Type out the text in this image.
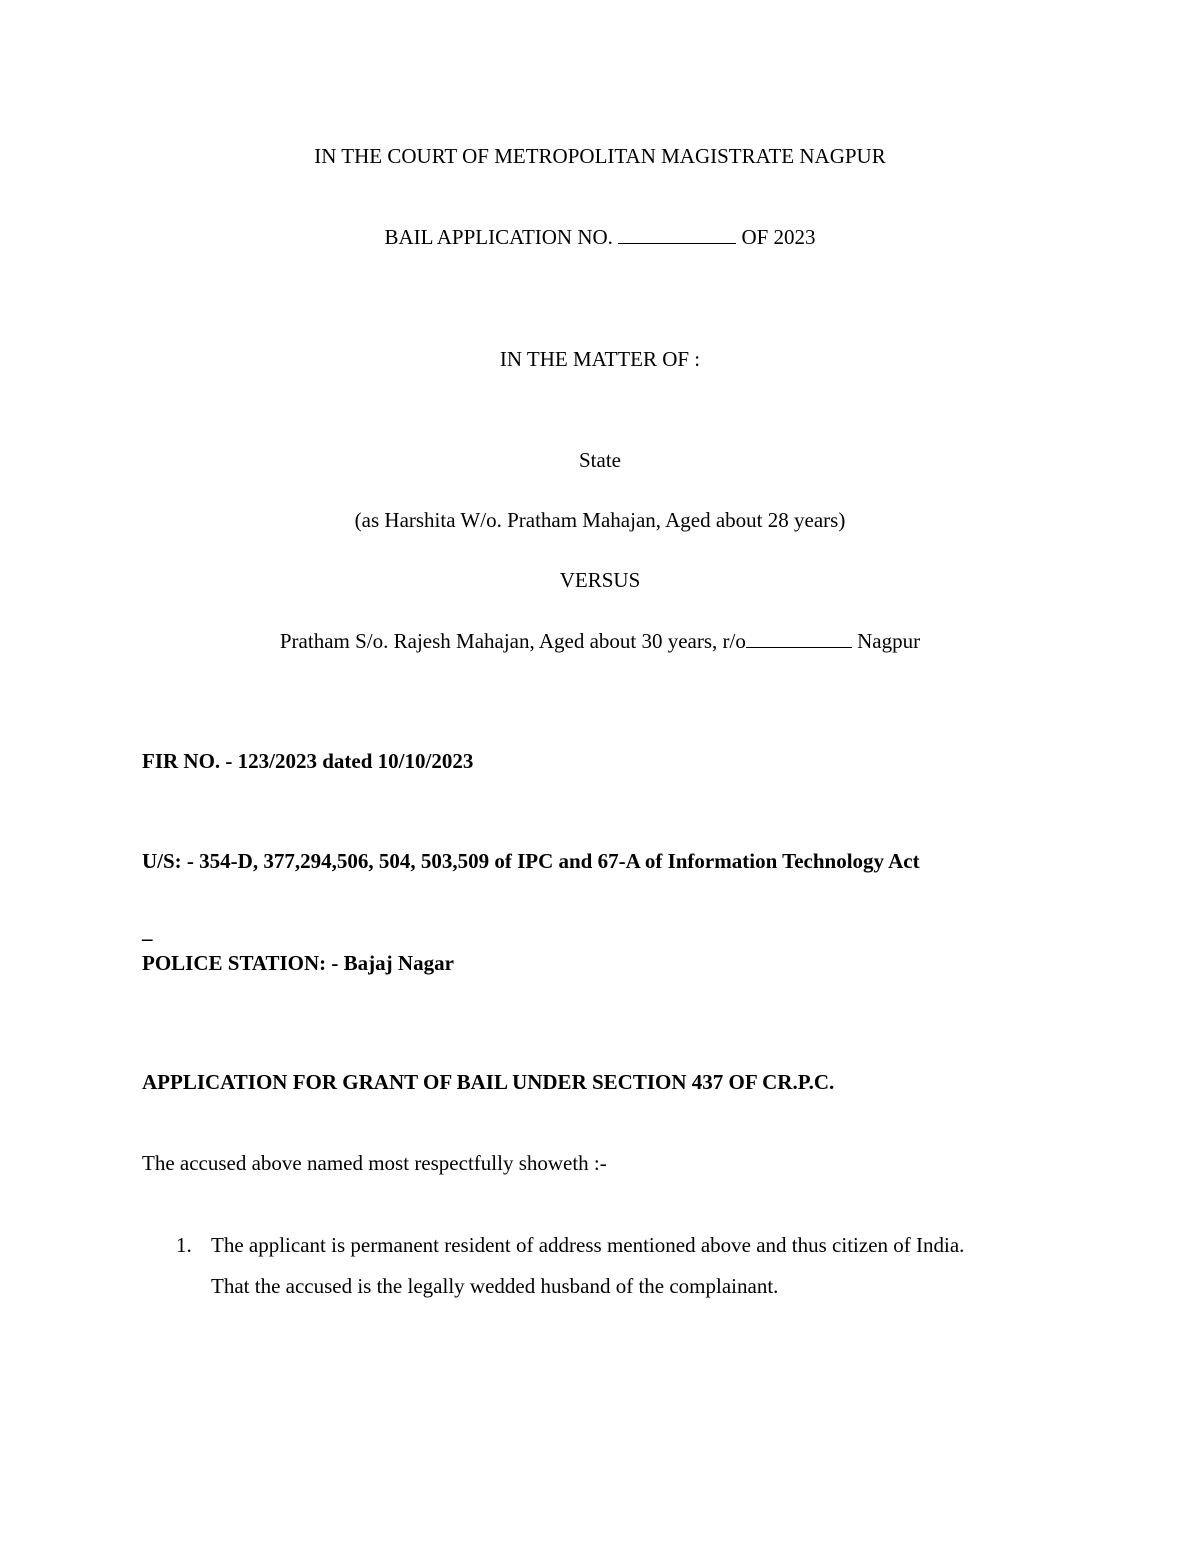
IN THE COURT OF METROPOLITAN MAGISTRATE NAGPUR
BAIL APPLICATION NO.	OF 2023
IN THE MATTER OF :
State
(as Harshita W/o. Pratham Mahajan, Aged about 28 years)
VERSUS
Pratham S/o. Rajesh Mahajan, Aged about 30 years, r/o	Nagpur
FIR NO. - 123/2023 dated 10/10/2023
U/S: - 354-D, 377,294,506, 504, 503,509 of IPC and 67-A of Information Technology Act
_
POLICE STATION: - Bajaj Nagar
APPLICATION FOR GRANT OF BAIL UNDER SECTION 437 OF CR.P.C.
The accused above named most respectfully showeth :-
1. The applicant is permanent resident of address mentioned above and thus citizen of India.
That the accused is the legally wedded husband of the complainant.
